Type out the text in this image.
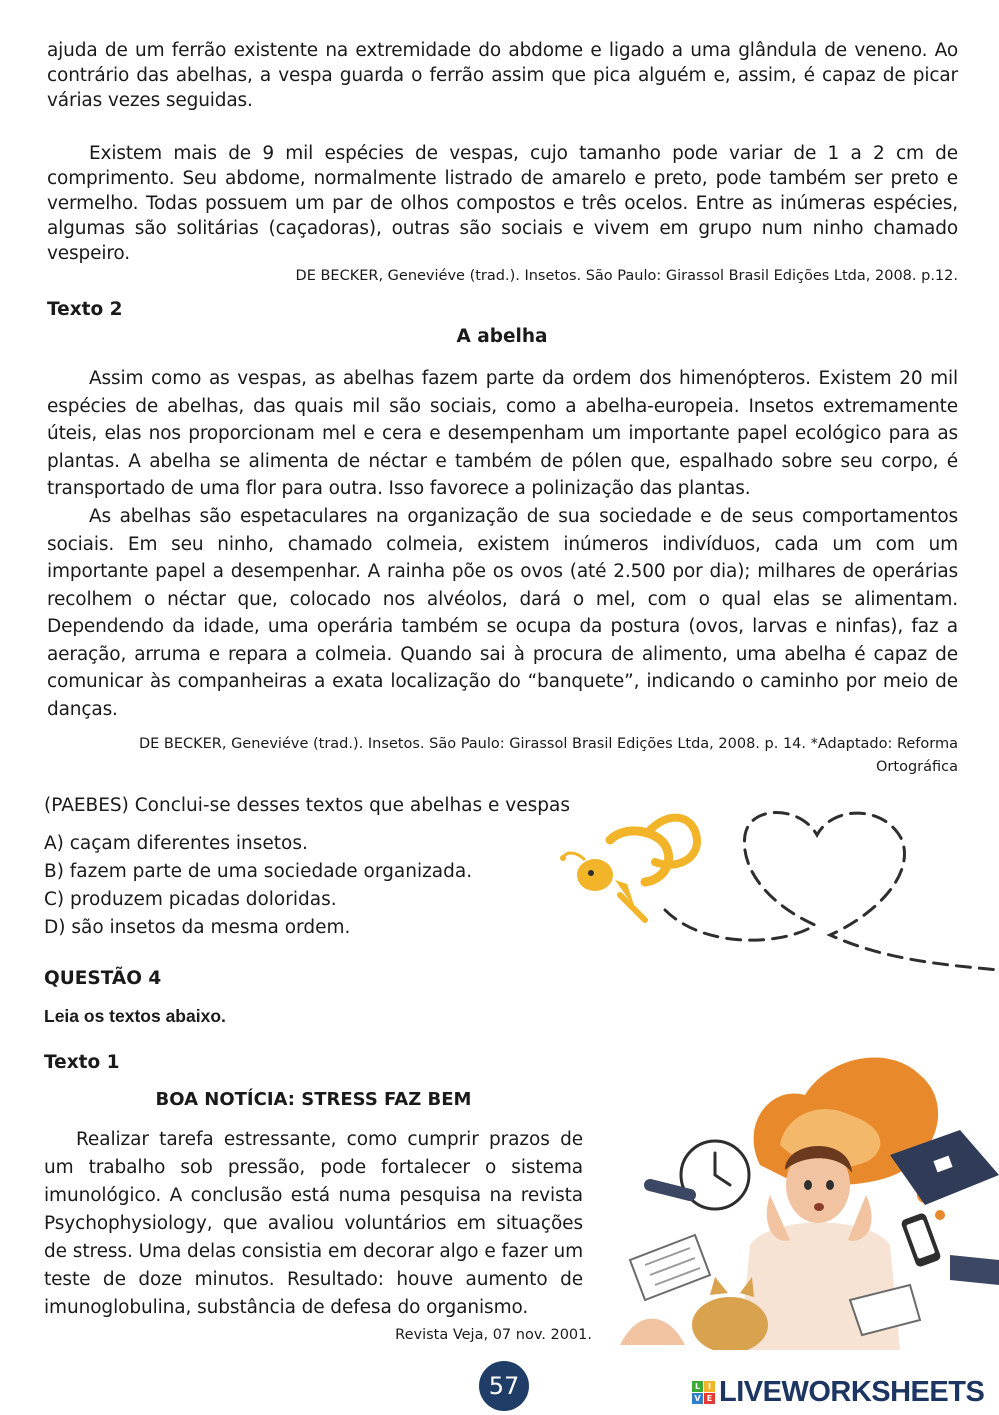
ajuda de um ferrão existente na extremidade do abdome e ligado a uma glândula de veneno. Ao contrário das abelhas, a vespa guarda o ferrão assim que pica alguém e, assim, é capaz de picar várias vezes seguidas.

Existem mais de 9 mil espécies de vespas, cujo tamanho pode variar de 1 a 2 cm de comprimento. Seu abdome, normalmente listrado de amarelo e preto, pode também ser preto e vermelho. Todas possuem um par de olhos compostos e três ocelos. Entre as inúmeras espécies, algumas são solitárias (caçadoras), outras são sociais e vivem em grupo num ninho chamado vespeiro.

DE BECKER, Geneviéve (trad.). Insetos. São Paulo: Girassol Brasil Edições Ltda, 2008. p.12.

Texto 2

A abelha

Assim como as vespas, as abelhas fazem parte da ordem dos himenópteros. Existem 20 mil espécies de abelhas, das quais mil são sociais, como a abelha-europeia. Insetos extremamente úteis, elas nos proporcionam mel e cera e desempenham um importante papel ecológico para as plantas. A abelha se alimenta de néctar e também de pólen que, espalhado sobre seu corpo, é transportado de uma flor para outra. Isso favorece a polinização das plantas.

As abelhas são espetaculares na organização de sua sociedade e de seus comportamentos sociais. Em seu ninho, chamado colmeia, existem inúmeros indivíduos, cada um com um importante papel a desempenhar. A rainha põe os ovos (até 2.500 por dia); milhares de operárias recolhem o néctar que, colocado nos alvéolos, dará o mel, com o qual elas se alimentam. Dependendo da idade, uma operária também se ocupa da postura (ovos, larvas e ninfas), faz a aeração, arruma e repara a colmeia. Quando sai à procura de alimento, uma abelha é capaz de comunicar às companheiras a exata localização do “banquete”, indicando o caminho por meio de danças.

DE BECKER, Geneviéve (trad.). Insetos. São Paulo: Girassol Brasil Edições Ltda, 2008. p. 14. *Adaptado: Reforma
Ortográfica

(PAEBES) Conclui-se desses textos que abelhas e vespas

A) caçam diferentes insetos.

B) fazem parte de uma sociedade organizada.

C) produzem picadas doloridas.

D) são insetos da mesma ordem.

QUESTÃO 4

Leia os textos abaixo.

Texto 1

BOA NOTÍCIA: STRESS FAZ BEM

Realizar tarefa estressante, como cumprir prazos de um trabalho sob pressão, pode fortalecer o sistema imunológico. A conclusão está numa pesquisa na revista Psychophysiology, que avaliou voluntários em situações de stress. Uma delas consistia em decorar algo e fazer um teste de doze minutos. Resultado: houve aumento de imunoglobulina, substância de defesa do organismo.

Revista Veja, 07 nov. 2001.

57	L I
V E LIVEWORKSHEETS
